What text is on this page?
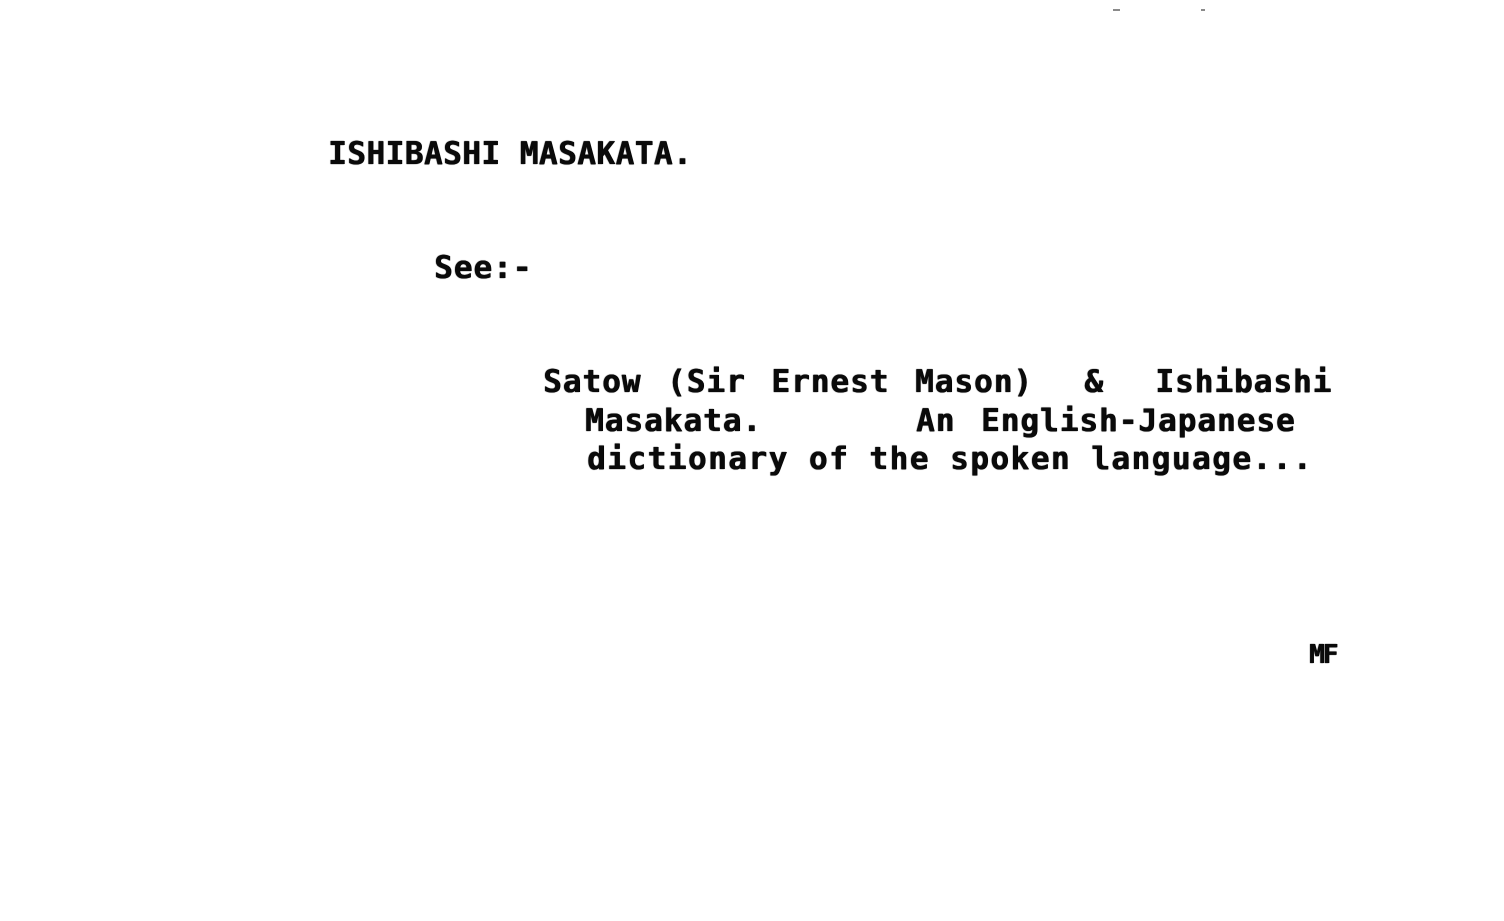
ISHIBASHI MASAKATA.

See:-

Satow (Sir Ernest Mason)  &  Ishibashi

Masakata.      An English-Japanese

dictionary of the spoken language...

MF
